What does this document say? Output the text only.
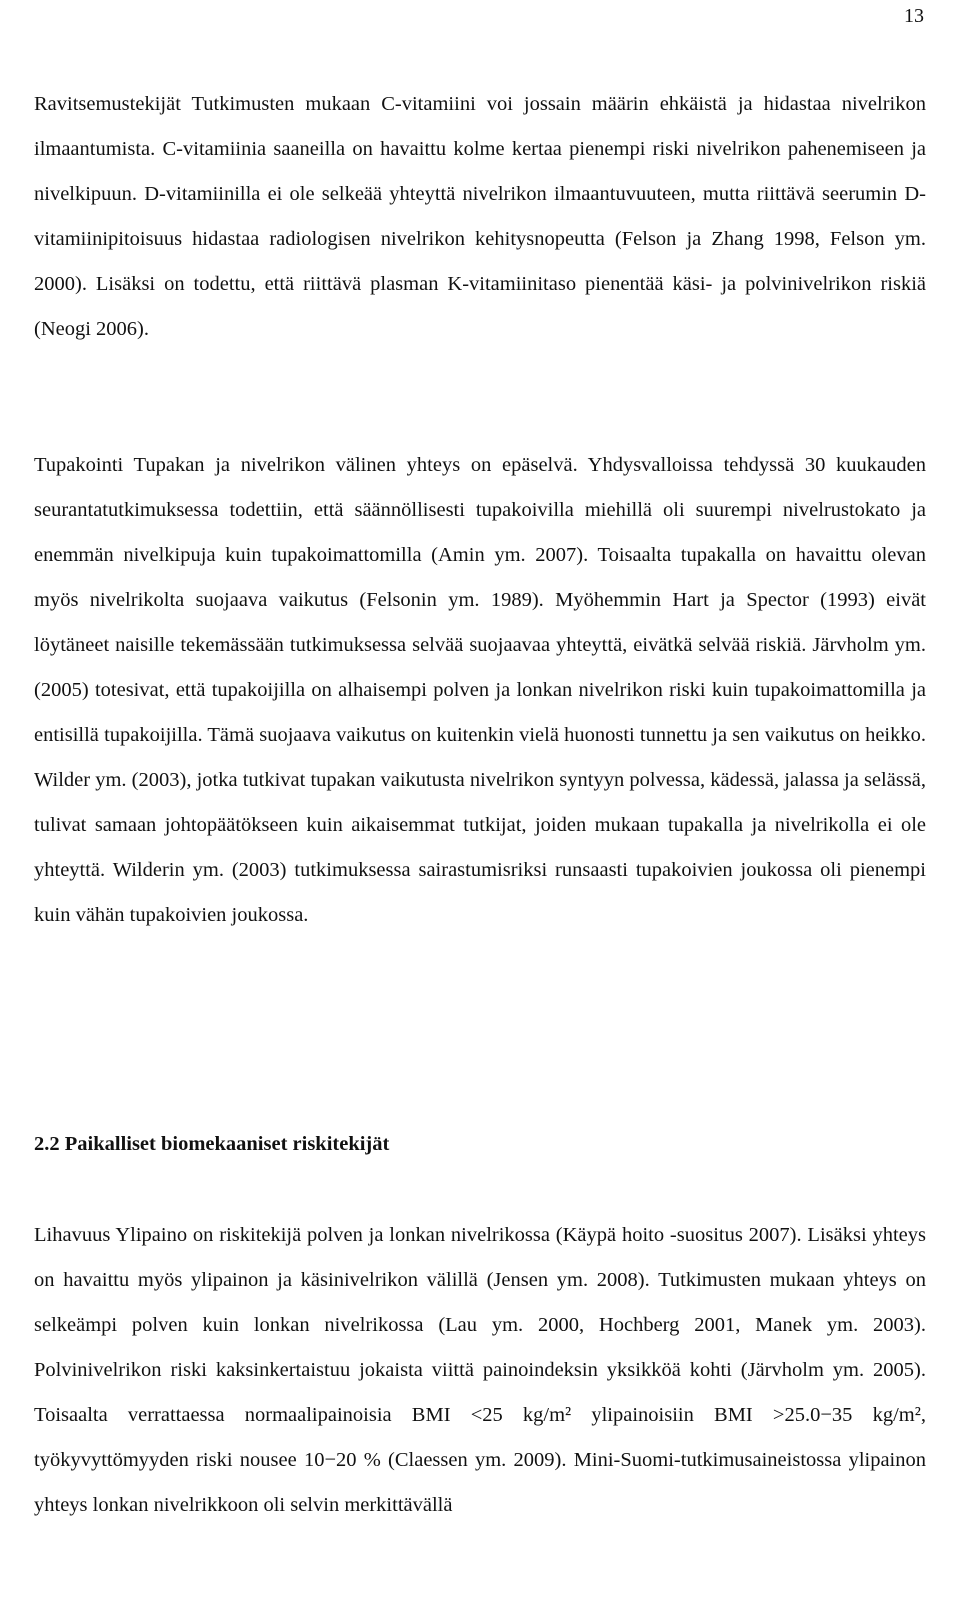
13

Ravitsemustekijät Tutkimusten mukaan C-vitamiini voi jossain määrin ehkäistä ja hidastaa nivelrikon ilmaantumista. C-vitamiinia saaneilla on havaittu kolme kertaa pienempi riski nivelrikon pahenemiseen ja nivelkipuun. D-vitamiinilla ei ole selkeää yhteyttä nivelrikon ilmaantuvuuteen, mutta riittävä seerumin D-vitamiinipitoisuus hidastaa radiologisen nivelrikon kehitysnopeutta (Felson ja Zhang 1998, Felson ym. 2000). Lisäksi on todettu, että riittävä plasman K-vitamiinitaso pienentää käsi- ja polvinivelrikon riskiä (Neogi 2006).

Tupakointi Tupakan ja nivelrikon välinen yhteys on epäselvä. Yhdysvalloissa tehdyssä 30 kuukauden seurantatutkimuksessa todettiin, että säännöllisesti tupakoivilla miehillä oli suurempi nivelrustokato ja enemmän nivelkipuja kuin tupakoimattomilla (Amin ym. 2007). Toisaalta tupakalla on havaittu olevan myös nivelrikolta suojaava vaikutus (Felsonin ym. 1989). Myöhemmin Hart ja Spector (1993) eivät löytäneet naisille tekemässään tutkimuksessa selvää suojaavaa yhteyttä, eivätkä selvää riskiä. Järvholm ym. (2005) totesivat, että tupakoijilla on alhaisempi polven ja lonkan nivelrikon riski kuin tupakoimattomilla ja entisillä tupakoijilla. Tämä suojaava vaikutus on kuitenkin vielä huonosti tunnettu ja sen vaikutus on heikko. Wilder ym. (2003), jotka tutkivat tupakan vaikutusta nivelrikon syntyyn polvessa, kädessä, jalassa ja selässä, tulivat samaan johtopäätökseen kuin aikaisemmat tutkijat, joiden mukaan tupakalla ja nivelrikolla ei ole yhteyttä. Wilderin ym. (2003) tutkimuksessa sairastumisriksi runsaasti tupakoivien joukossa oli pienempi kuin vähän tupakoivien joukossa.

2.2 Paikalliset biomekaaniset riskitekijät

Lihavuus Ylipaino on riskitekijä polven ja lonkan nivelrikossa (Käypä hoito -suositus 2007). Lisäksi yhteys on havaittu myös ylipainon ja käsinivelrikon välillä (Jensen ym. 2008). Tutkimusten mukaan yhteys on selkeämpi polven kuin lonkan nivelrikossa (Lau ym. 2000, Hochberg 2001, Manek ym. 2003). Polvinivelrikon riski kaksinkertaistuu jokaista viittä painoindeksin yksikköä kohti (Järvholm ym. 2005). Toisaalta verrattaessa normaalipainoisia BMI <25 kg/m² ylipainoisiin BMI >25.0−35 kg/m², työkyvyttömyyden riski nousee 10−20 % (Claessen ym. 2009). Mini-Suomi-tutkimusaineistossa ylipainon yhteys lonkan nivelrikkoon oli selvin merkittävällä
